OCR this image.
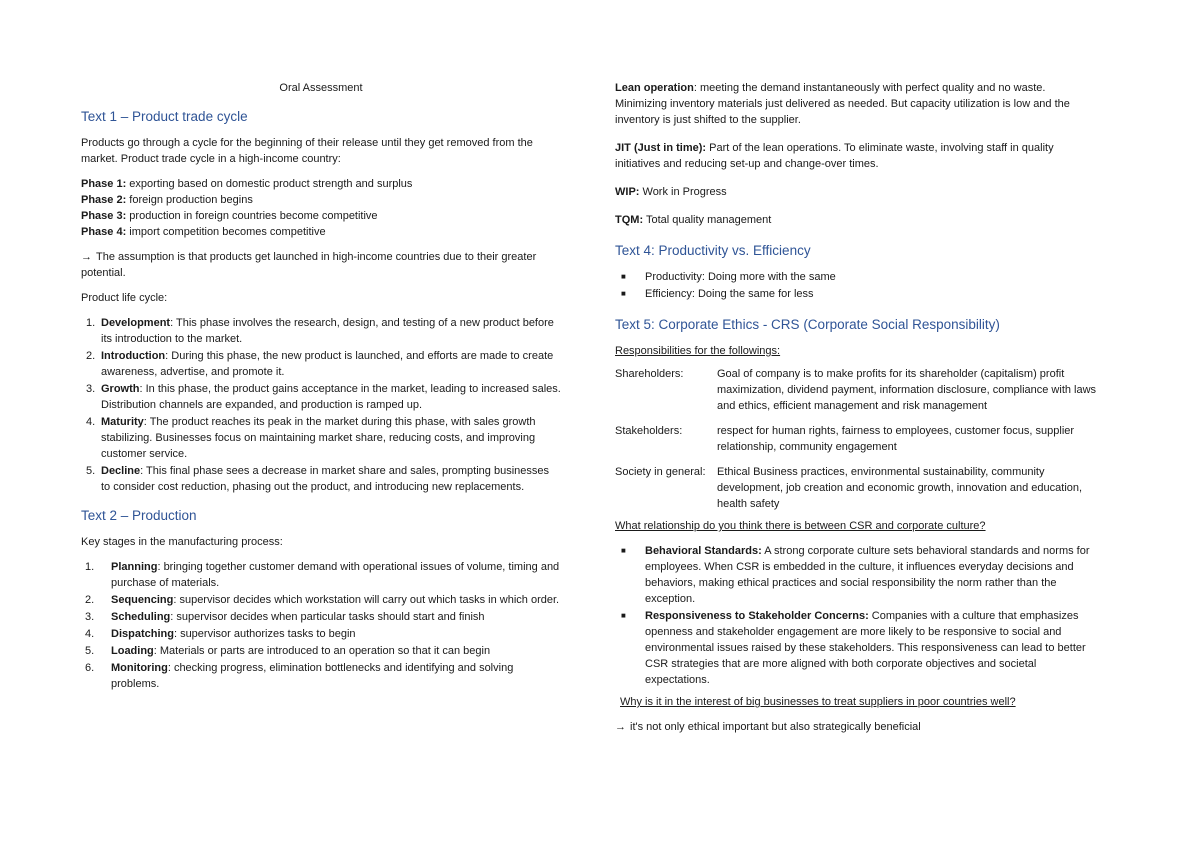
Oral Assessment

Text 1 – Product trade cycle

Products go through a cycle for the beginning of their release until they get removed from the market. Product trade cycle in a high-income country:

Phase 1: exporting based on domestic product strength and surplus
Phase 2: foreign production begins
Phase 3: production in foreign countries become competitive
Phase 4: import competition becomes competitive

→ The assumption is that products get launched in high-income countries due to their greater potential.

Product life cycle:

1. Development: This phase involves the research, design, and testing of a new product before its introduction to the market.
2. Introduction: During this phase, the new product is launched, and efforts are made to create awareness, advertise, and promote it.
3. Growth: In this phase, the product gains acceptance in the market, leading to increased sales. Distribution channels are expanded, and production is ramped up.
4. Maturity: The product reaches its peak in the market during this phase, with sales growth stabilizing. Businesses focus on maintaining market share, reducing costs, and improving customer service.
5. Decline: This final phase sees a decrease in market share and sales, prompting businesses to consider cost reduction, phasing out the product, and introducing new replacements.
Text 2 – Production

Key stages in the manufacturing process:

1. Planning: bringing together customer demand with operational issues of volume, timing and purchase of materials.
2. Sequencing: supervisor decides which workstation will carry out which tasks in which order.
3. Scheduling: supervisor decides when particular tasks should start and finish
4. Dispatching: supervisor authorizes tasks to begin
5. Loading: Materials or parts are introduced to an operation so that it can begin
6. Monitoring: checking progress, elimination bottlenecks and identifying and solving problems.

Lean operation: meeting the demand instantaneously with perfect quality and no waste. Minimizing inventory materials just delivered as needed. But capacity utilization is low and the inventory is just shifted to the supplier.

JIT (Just in time): Part of the lean operations. To eliminate waste, involving staff in quality initiatives and reducing set-up and change-over times.

WIP: Work in Progress

TQM: Total quality management

Text 4: Productivity vs. Efficiency
■ Productivity: Doing more with the same
■ Efficiency: Doing the same for less
Text 5: Corporate Ethics - CRS (Corporate Social Responsibility)

Responsibilities for the followings:

Shareholders:	Goal of company is to make profits for its shareholder (capitalism) profit maximization, dividend payment, information disclosure, compliance with laws and ethics, efficient management and risk management
Stakeholders:	respect for human rights, fairness to employees, customer focus, supplier relationship, community engagement
Society in general:	Ethical Business practices, environmental sustainability, community development, job creation and economic growth, innovation and education, health safety

What relationship do you think there is between CSR and corporate culture?

■ Behavioral Standards: A strong corporate culture sets behavioral standards and norms for employees. When CSR is embedded in the culture, it influences everyday decisions and behaviors, making ethical practices and social responsibility the norm rather than the exception.
■ Responsiveness to Stakeholder Concerns: Companies with a culture that emphasizes openness and stakeholder engagement are more likely to be responsive to social and environmental issues raised by these stakeholders. This responsiveness can lead to better CSR strategies that are more aligned with both corporate objectives and societal expectations.

Why is it in the interest of big businesses to treat suppliers in poor countries well?

→ it's not only ethical important but also strategically beneficial
